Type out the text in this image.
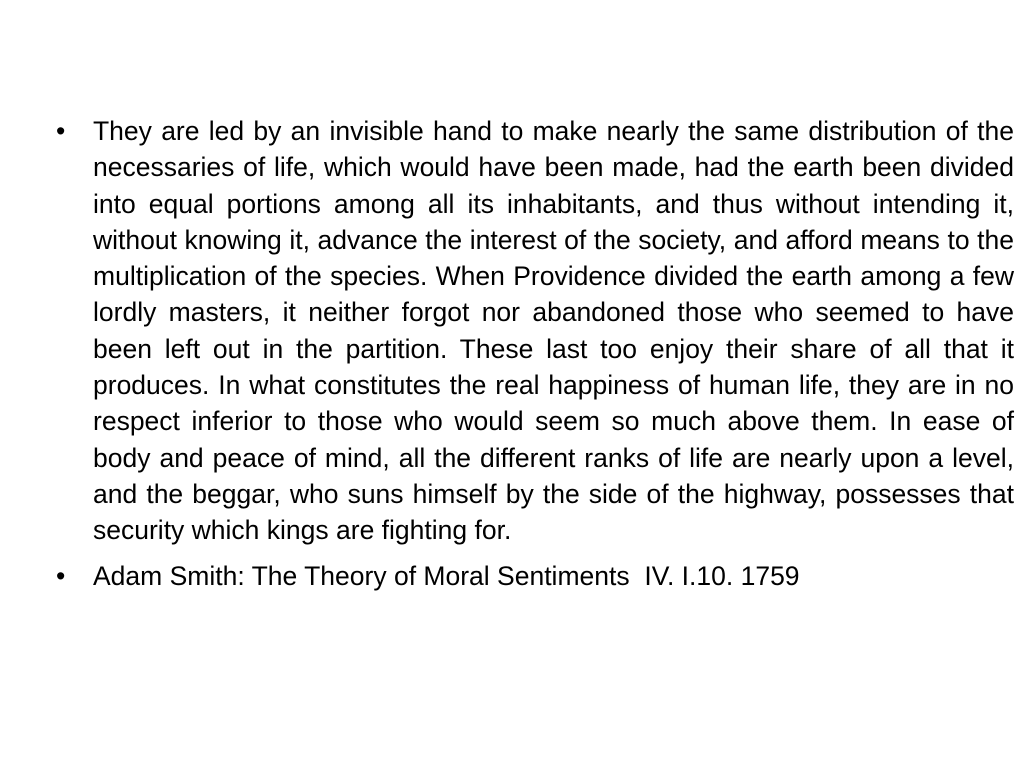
• They are led by an invisible hand to make nearly the same distribution of the necessaries of life, which would have been made, had the earth been divided into equal portions among all its inhabitants, and thus without intending it, without knowing it, advance the interest of the society, and afford means to the multiplication of the species. When Providence divided the earth among a few lordly masters, it neither forgot nor abandoned those who seemed to have been left out in the partition. These last too enjoy their share of all that it produces. In what constitutes the real happiness of human life, they are in no respect inferior to those who would seem so much above them. In ease of body and peace of mind, all the different ranks of life are nearly upon a level, and the beggar, who suns himself by the side of the highway, possesses that security which kings are fighting for.
• Adam Smith: The Theory of Moral Sentiments  IV. I.10. 1759
